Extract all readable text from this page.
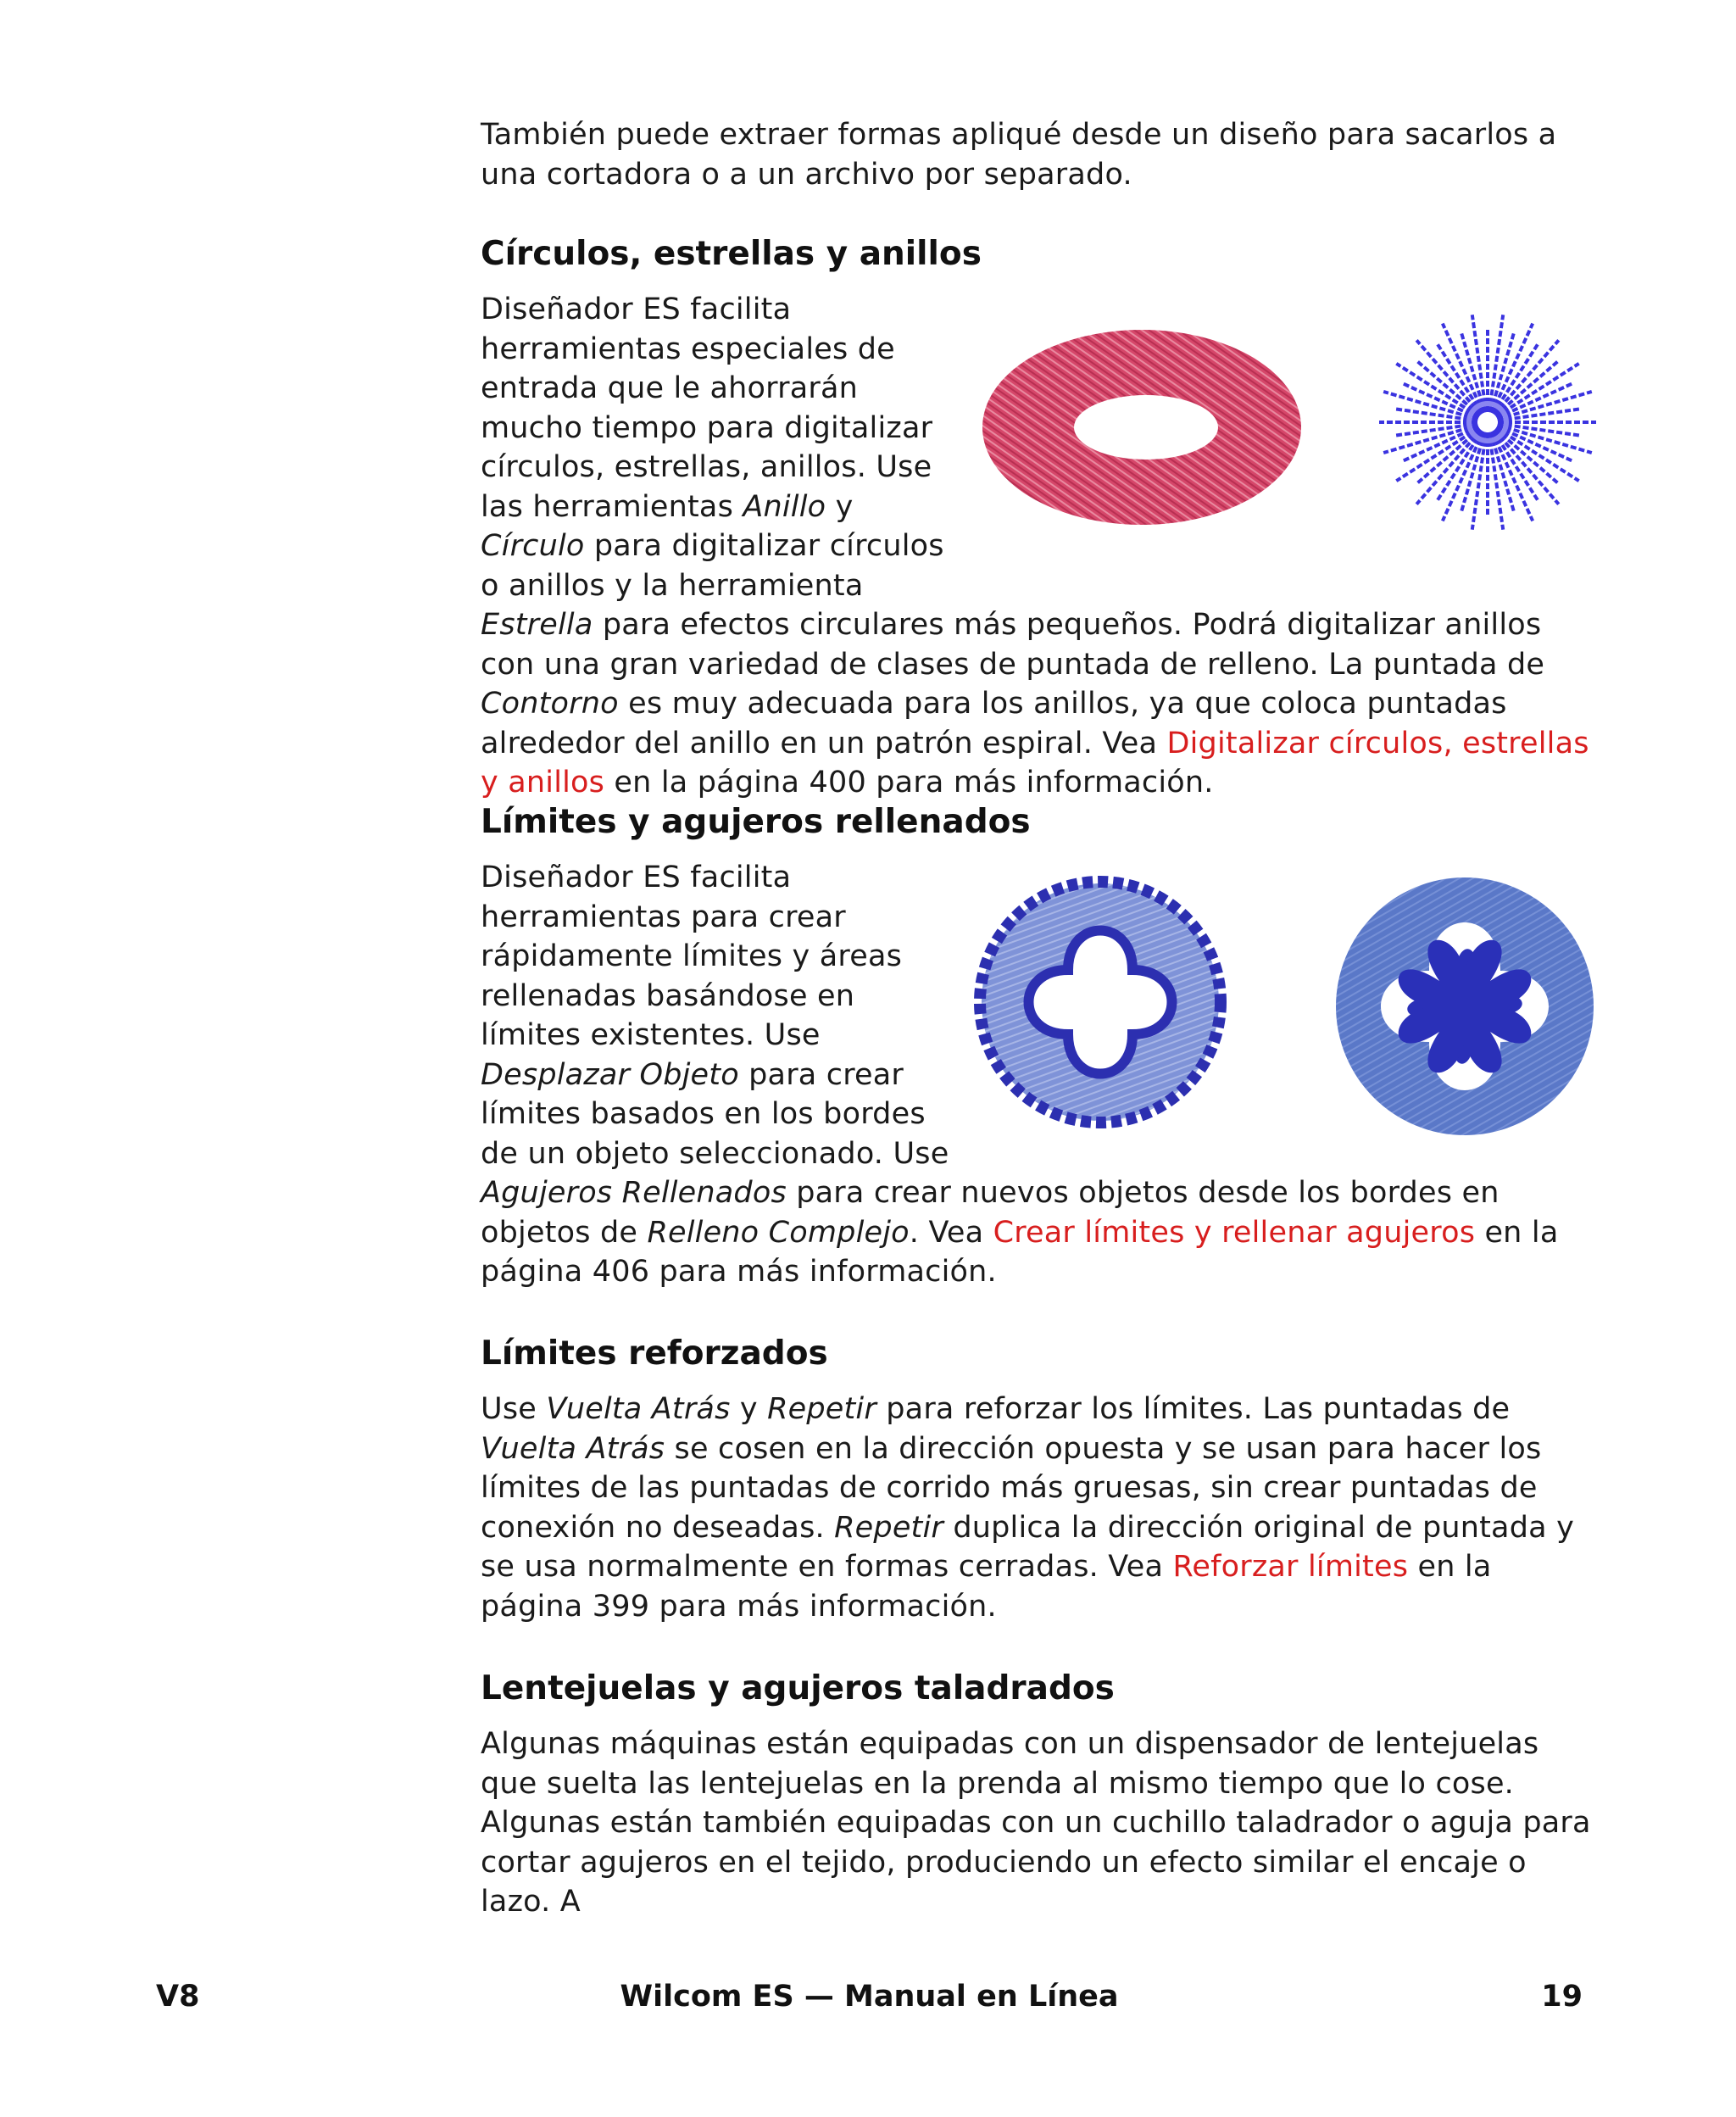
También puede extraer formas apliqué desde un diseño para sacarlos a una cortadora o a un archivo por separado.

Círculos, estrellas y anillos

Diseñador ES facilita herramientas especiales de entrada que le ahorrarán mucho tiempo para digitalizar círculos, estrellas, anillos. Use las herramientas Anillo y Círculo para digitalizar círculos o anillos y la herramienta Estrella para efectos circulares más pequeños. Podrá digitalizar anillos con una gran variedad de clases de puntada de relleno. La puntada de Contorno es muy adecuada para los anillos, ya que coloca puntadas alrededor del anillo en un patrón espiral. Vea Digitalizar círculos, estrellas y anillos en la página 400 para más información.

Límites y agujeros rellenados

Diseñador ES facilita herramientas para crear rápidamente límites y áreas rellenadas basándose en límites existentes. Use Desplazar Objeto para crear límites basados en los bordes de un objeto seleccionado. Use Agujeros Rellenados para crear nuevos objetos desde los bordes en objetos de Relleno Complejo. Vea Crear límites y rellenar agujeros en la página 406 para más información.

Límites reforzados

Use Vuelta Atrás y Repetir para reforzar los límites. Las puntadas de Vuelta Atrás se cosen en la dirección opuesta y se usan para hacer los límites de las puntadas de corrido más gruesas, sin crear puntadas de conexión no deseadas. Repetir duplica la dirección original de puntada y se usa normalmente en formas cerradas. Vea Reforzar límites en la página 399 para más información.

Lentejuelas y agujeros taladrados

Algunas máquinas están equipadas con un dispensador de lentejuelas que suelta las lentejuelas en la prenda al mismo tiempo que lo cose. Algunas están también equipadas con un cuchillo taladrador o aguja para cortar agujeros en el tejido, produciendo un efecto similar el encaje o lazo. A

V8	Wilcom ES — Manual en Línea	19
